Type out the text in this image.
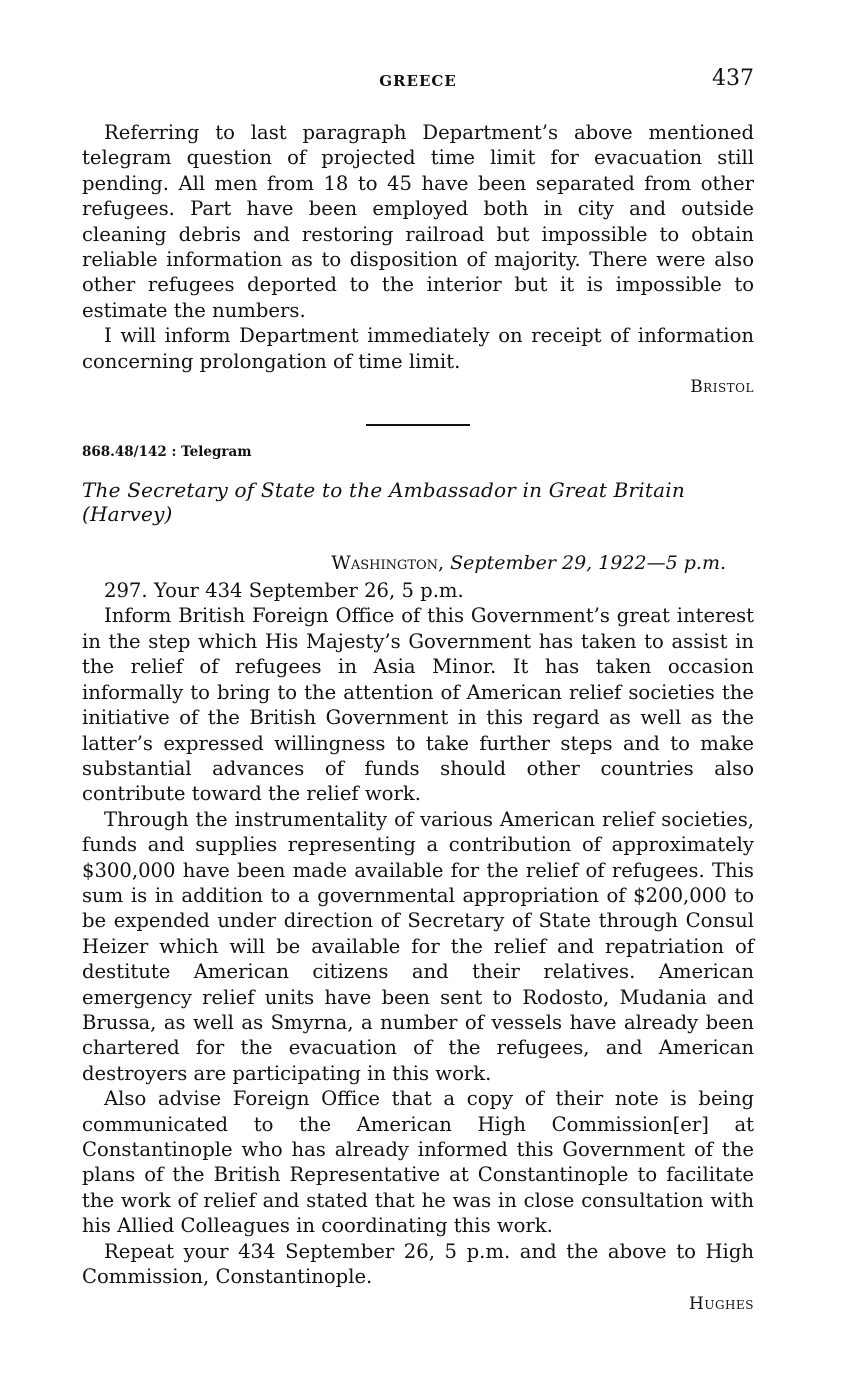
GREECE	437

Referring to last paragraph Department’s above mentioned telegram question of projected time limit for evacuation still pending. All men from 18 to 45 have been separated from other refugees. Part have been employed both in city and outside cleaning debris and restoring railroad but impossible to obtain reliable information as to disposition of majority. There were also other refugees deported to the interior but it is impossible to estimate the numbers.

I will inform Department immediately on receipt of information concerning prolongation of time limit.

Bristol

868.48/142 : Telegram

The Secretary of State to the Ambassador in Great Britain (Harvey)

Washington, September 29, 1922—5 p.m.

297. Your 434 September 26, 5 p.m.

Inform British Foreign Office of this Government’s great interest in the step which His Majesty’s Government has taken to assist in the relief of refugees in Asia Minor. It has taken occasion informally to bring to the attention of American relief societies the initiative of the British Government in this regard as well as the latter’s expressed willingness to take further steps and to make substantial advances of funds should other countries also contribute toward the relief work.

Through the instrumentality of various American relief societies, funds and supplies representing a contribution of approximately $300,000 have been made available for the relief of refugees. This sum is in addition to a governmental appropriation of $200,000 to be expended under direction of Secretary of State through Consul Heizer which will be available for the relief and repatriation of destitute American citizens and their relatives. American emergency relief units have been sent to Rodosto, Mudania and Brussa, as well as Smyrna, a number of vessels have already been chartered for the evacuation of the refugees, and American destroyers are participating in this work.

Also advise Foreign Office that a copy of their note is being communicated to the American High Commission[er] at Constantinople who has already informed this Government of the plans of the British Representative at Constantinople to facilitate the work of relief and stated that he was in close consultation with his Allied Colleagues in coordinating this work.

Repeat your 434 September 26, 5 p.m. and the above to High Commission, Constantinople.

Hughes
